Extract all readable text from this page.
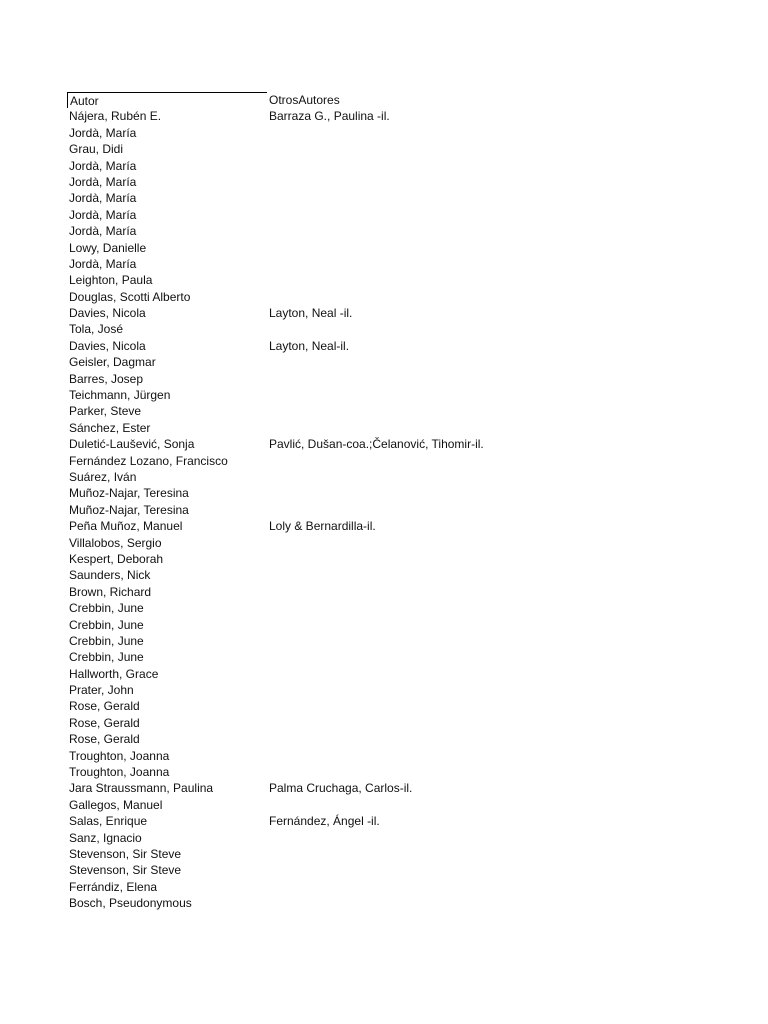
Autor	OtrosAutores
Nájera, Rubén E.	Barraza G., Paulina -il.
Jordà, María
Grau, Didi
Jordà, María
Jordà, María
Jordà, María
Jordà, María
Jordà, María
Lowy, Danielle
Jordà, María
Leighton, Paula
Douglas, Scotti Alberto
Davies, Nicola	Layton, Neal -il.
Tola, José
Davies, Nicola	Layton, Neal-il.
Geisler, Dagmar
Barres, Josep
Teichmann, Jürgen
Parker, Steve
Sánchez, Ester
Duletić-Laušević, Sonja	Pavlić, Dušan-coa.;Čelanović, Tihomir-il.
Fernández Lozano, Francisco
Suárez, Iván
Muñoz-Najar, Teresina
Muñoz-Najar, Teresina
Peña Muñoz, Manuel	Loly & Bernardilla-il.
Villalobos, Sergio
Kespert, Deborah
Saunders, Nick
Brown, Richard
Crebbin, June
Crebbin, June
Crebbin, June
Crebbin, June
Hallworth, Grace
Prater, John
Rose, Gerald
Rose, Gerald
Rose, Gerald
Troughton, Joanna
Troughton, Joanna
Jara Straussmann, Paulina	Palma Cruchaga, Carlos-il.
Gallegos, Manuel
Salas, Enrique	Fernández, Ángel -il.
Sanz, Ignacio
Stevenson, Sir Steve
Stevenson, Sir Steve
Ferrándiz, Elena
Bosch, Pseudonymous
